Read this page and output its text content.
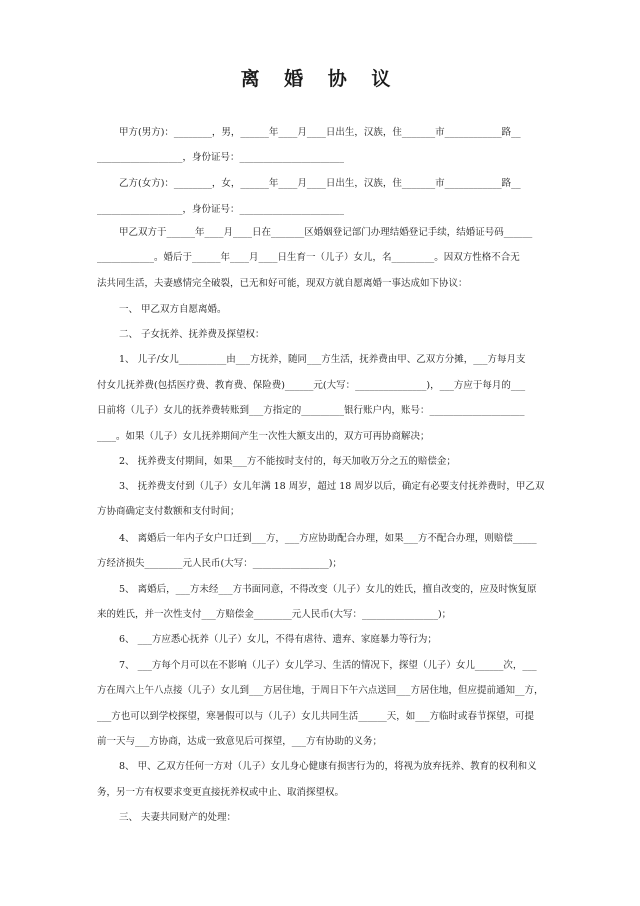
离 婚 协 议
甲方(男方)：________，男，______年____月____日出生，汉族，住_______市____________路__
__________________，身份证号：______________________
乙方(女方)：________，女，______年____月____日出生，汉族，住_______市____________路__
__________________，身份证号：______________________
甲乙双方于______年____月____日在_______区婚姻登记部门办理结婚登记手续，结婚证号码______
____________。婚后于______年____月____日生育一（儿子）女儿，名_________。因双方性格不合无
法共同生活，夫妻感情完全破裂，已无和好可能，现双方就自愿离婚一事达成如下协议：
一、 甲乙双方自愿离婚。
二、 子女抚养、抚养费及探望权：
1、 儿子/女儿__________由___方抚养，随同___方生活，抚养费由甲、乙双方分摊，___方每月支
付女儿抚养费(包括医疗费、教育费、保险费)______元(大写：_______________)，___方应于每月的___
日前将（儿子）女儿的抚养费转账到___方指定的_________银行账户内，账号：____________________
____。如果（儿子）女儿抚养期间产生一次性大额支出的，双方可再协商解决；
2、 抚养费支付期间，如果___方不能按时支付的，每天加收万分之五的赔偿金；
3、 抚养费支付到（儿子）女儿年满 18 周岁，超过 18 周岁以后，确定有必要支付抚养费时，甲乙双
方协商确定支付数额和支付时间；
4、 离婚后一年内子女户口迁到___方，___方应协助配合办理，如果___方不配合办理，则赔偿_____
方经济损失________元人民币(大写：________________)；
5、 离婚后，___方未经___方书面同意，不得改变（儿子）女儿的姓氏，擅自改变的，应及时恢复原
来的姓氏，并一次性支付___方赔偿金________元人民币(大写：________________)；
6、 ___方应悉心抚养（儿子）女儿，不得有虐待、遗弃、家庭暴力等行为；
7、 ___方每个月可以在不影响（儿子）女儿学习、生活的情况下，探望（儿子）女儿______次，___
方在周六上午八点接（儿子）女儿到___方居住地，于周日下午六点送回___方居住地，但应提前通知__方，
___方也可以到学校探望，寒暑假可以与（儿子）女儿共同生活______天，如___方临时或春节探望，可提
前一天与___方协商，达成一致意见后可探望，___方有协助的义务；
8、 甲、乙双方任何一方对（儿子）女儿身心健康有损害行为的，将视为放弃抚养、教育的权利和义
务，另一方有权要求变更直接抚养权或中止、取消探望权。
三、 夫妻共同财产的处理：
